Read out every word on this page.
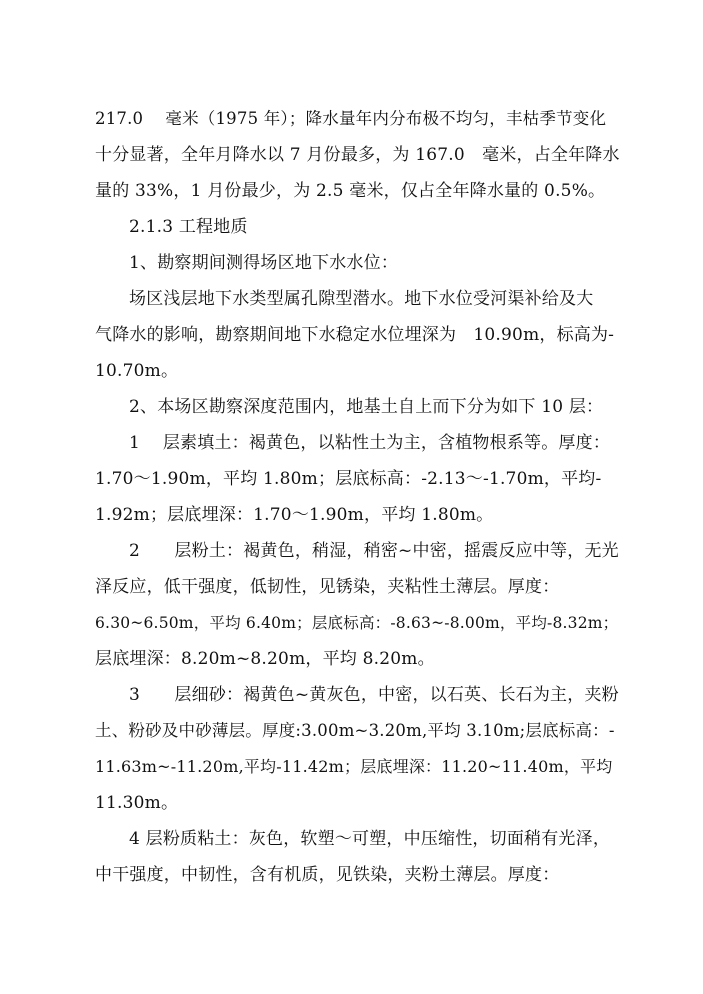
217.0　 毫米（1975 年）；降水量年内分布极不均匀，丰枯季节变化
十分显著，全年月降水以 7 月份最多，为 167.0　毫米，占全年降水
量的 33%，1 月份最少，为 2.5 毫米，仅占全年降水量的 0.5%。
2.1.3 工程地质
1、勘察期间测得场区地下水水位：
场区浅层地下水类型属孔隙型潜水。地下水位受河渠补给及大
气降水的影响，勘察期间地下水稳定水位埋深为　10.90m，标高为-
10.70m。
2、本场区勘察深度范围内，地基土自上而下分为如下 10 层：
1　 层素填土：褐黄色，以粘性土为主，含植物根系等。厚度：
1.70～1.90m，平均 1.80m；层底标高：-2.13～-1.70m，平均-
1.92m；层底埋深：1.70～1.90m，平均 1.80m。
2　　层粉土：褐黄色，稍湿，稍密~中密，摇震反应中等，无光
泽反应，低干强度，低韧性，见锈染，夹粘性土薄层。厚度：
6.30~6.50m，平均 6.40m；层底标高：-8.63~-8.00m，平均-8.32m；
层底埋深：8.20m~8.20m，平均 8.20m。
3　　层细砂：褐黄色~黄灰色，中密，以石英、长石为主，夹粉
土、粉砂及中砂薄层。厚度:3.00m~3.20m,平均 3.10m;层底标高：-
11.63m~-11.20m,平均-11.42m；层底埋深：11.20~11.40m，平均
11.30m。
4 层粉质粘土：灰色，软塑～可塑，中压缩性，切面稍有光泽，
中干强度，中韧性，含有机质，见铁染，夹粉土薄层。厚度：
